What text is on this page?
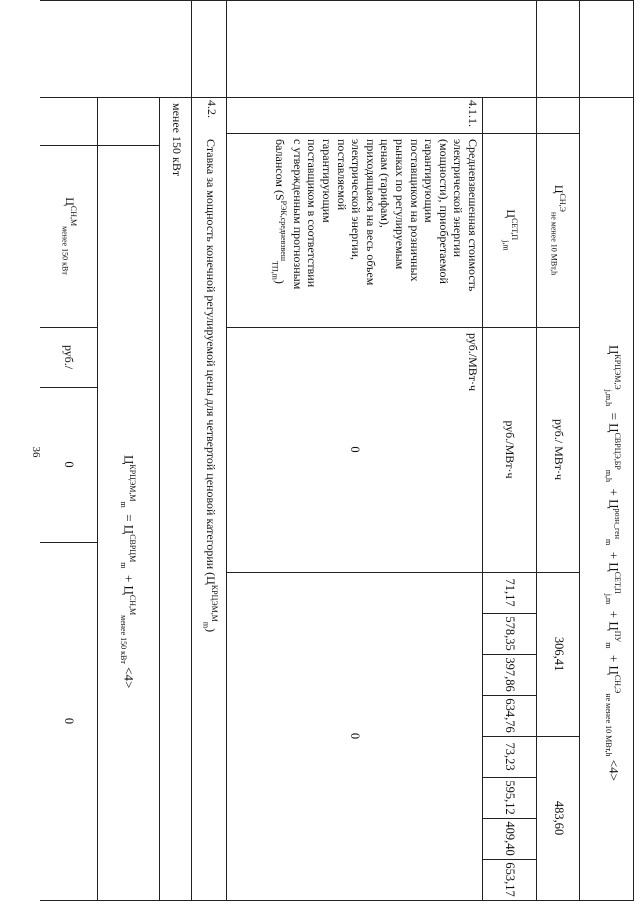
36
$Ц^{КРЦЭМ,Э}_{j,m,h} = Ц^{СВРЦЭ,БР}_{m,h} + Ц^{розн\_ген}_m + Ц^{СЕТ,П}_{j,m} + Ц^{ПУ}_m + Ц^{СН,Э}_{не менее 10 МВт,h} <4>$
$Ц^{СН,Э}_{не менее 10 МВт,h}$
руб./ МВт·ч
306,41
483,60
$Ц^{СЕТ,П}_{j,m}$
руб./МВт·ч
4.1.1.
Средневзвешенная стоимость
электрической энергии
(мощности), приобретаемой
гарантирующим
поставщиком на розничных
рынках по регулируемым
ценам (тарифам),
приходящаяся на весь объем
электрической энергии,
поставляемой
гарантирующим
поставщиком в соответствии
с утвержденным прогнозным
балансом $(S^{РЭК,средневзвеш}_{ТП,m})$
руб./МВт·ч
0
0
4.2.
Ставка за мощность конечной регулируемой цены для четвертой ценовой категории $(Ц^{КРЦЭМ,М}_m)$
менее 150 кВт
$Ц^{КРЦЭМ,М}_m = Ц^{СВРЦМ}_m + Ц^{СН,М}_{менее 150 кВт} <4>$
$Ц^{СН,М}_{менее 150 кВт}$
руб./
0
0
71,17
578,35
397,86
634,76
73,23
595,12
409,40
653,17
